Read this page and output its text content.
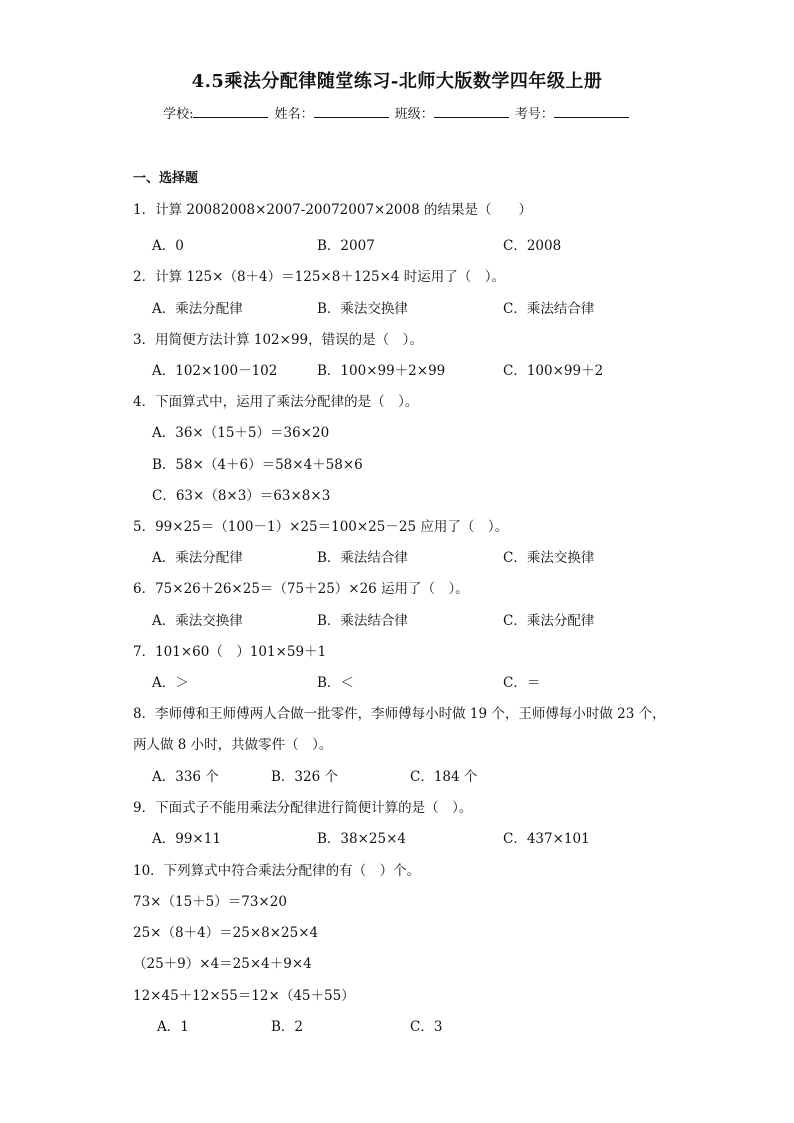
4.5乘法分配律随堂练习-北师大版数学四年级上册
学校:	姓名：	班级：	考号：
一、选择题
1．计算 20082008×2007-20072007×2008 的结果是（　　）
A．0	B．2007	C．2008
2．计算 125×（8＋4）＝125×8＋125×4 时运用了（　）。
A．乘法分配律	B．乘法交换律	C．乘法结合律
3．用简便方法计算 102×99，错误的是（　）。
A．102×100－102	B．100×99＋2×99	C．100×99＋2
4．下面算式中，运用了乘法分配律的是（　）。
A．36×（15＋5）＝36×20
B．58×（4＋6）＝58×4＋58×6
C．63×（8×3）＝63×8×3
5．99×25＝（100－1）×25＝100×25－25 应用了（　）。
A．乘法分配律	B．乘法结合律	C．乘法交换律
6．75×26＋26×25＝（75＋25）×26 运用了（　）。
A．乘法交换律	B．乘法结合律	C．乘法分配律
7．101×60（　）101×59＋1
A．＞	B．＜	C．＝
8．李师傅和王师傅两人合做一批零件，李师傅每小时做 19 个，王师傅每小时做 23 个，
两人做 8 小时，共做零件（　）。
A．336 个	B．326 个	C．184 个
9．下面式子不能用乘法分配律进行简便计算的是（　）。
A．99×11	B．38×25×4	C．437×101
10．下列算式中符合乘法分配律的有（　）个。
73×（15＋5）＝73×20
25×（8＋4）＝25×8×25×4
（25＋9）×4＝25×4＋9×4
12×45＋12×55＝12×（45＋55）
A．1	B．2	C．3
